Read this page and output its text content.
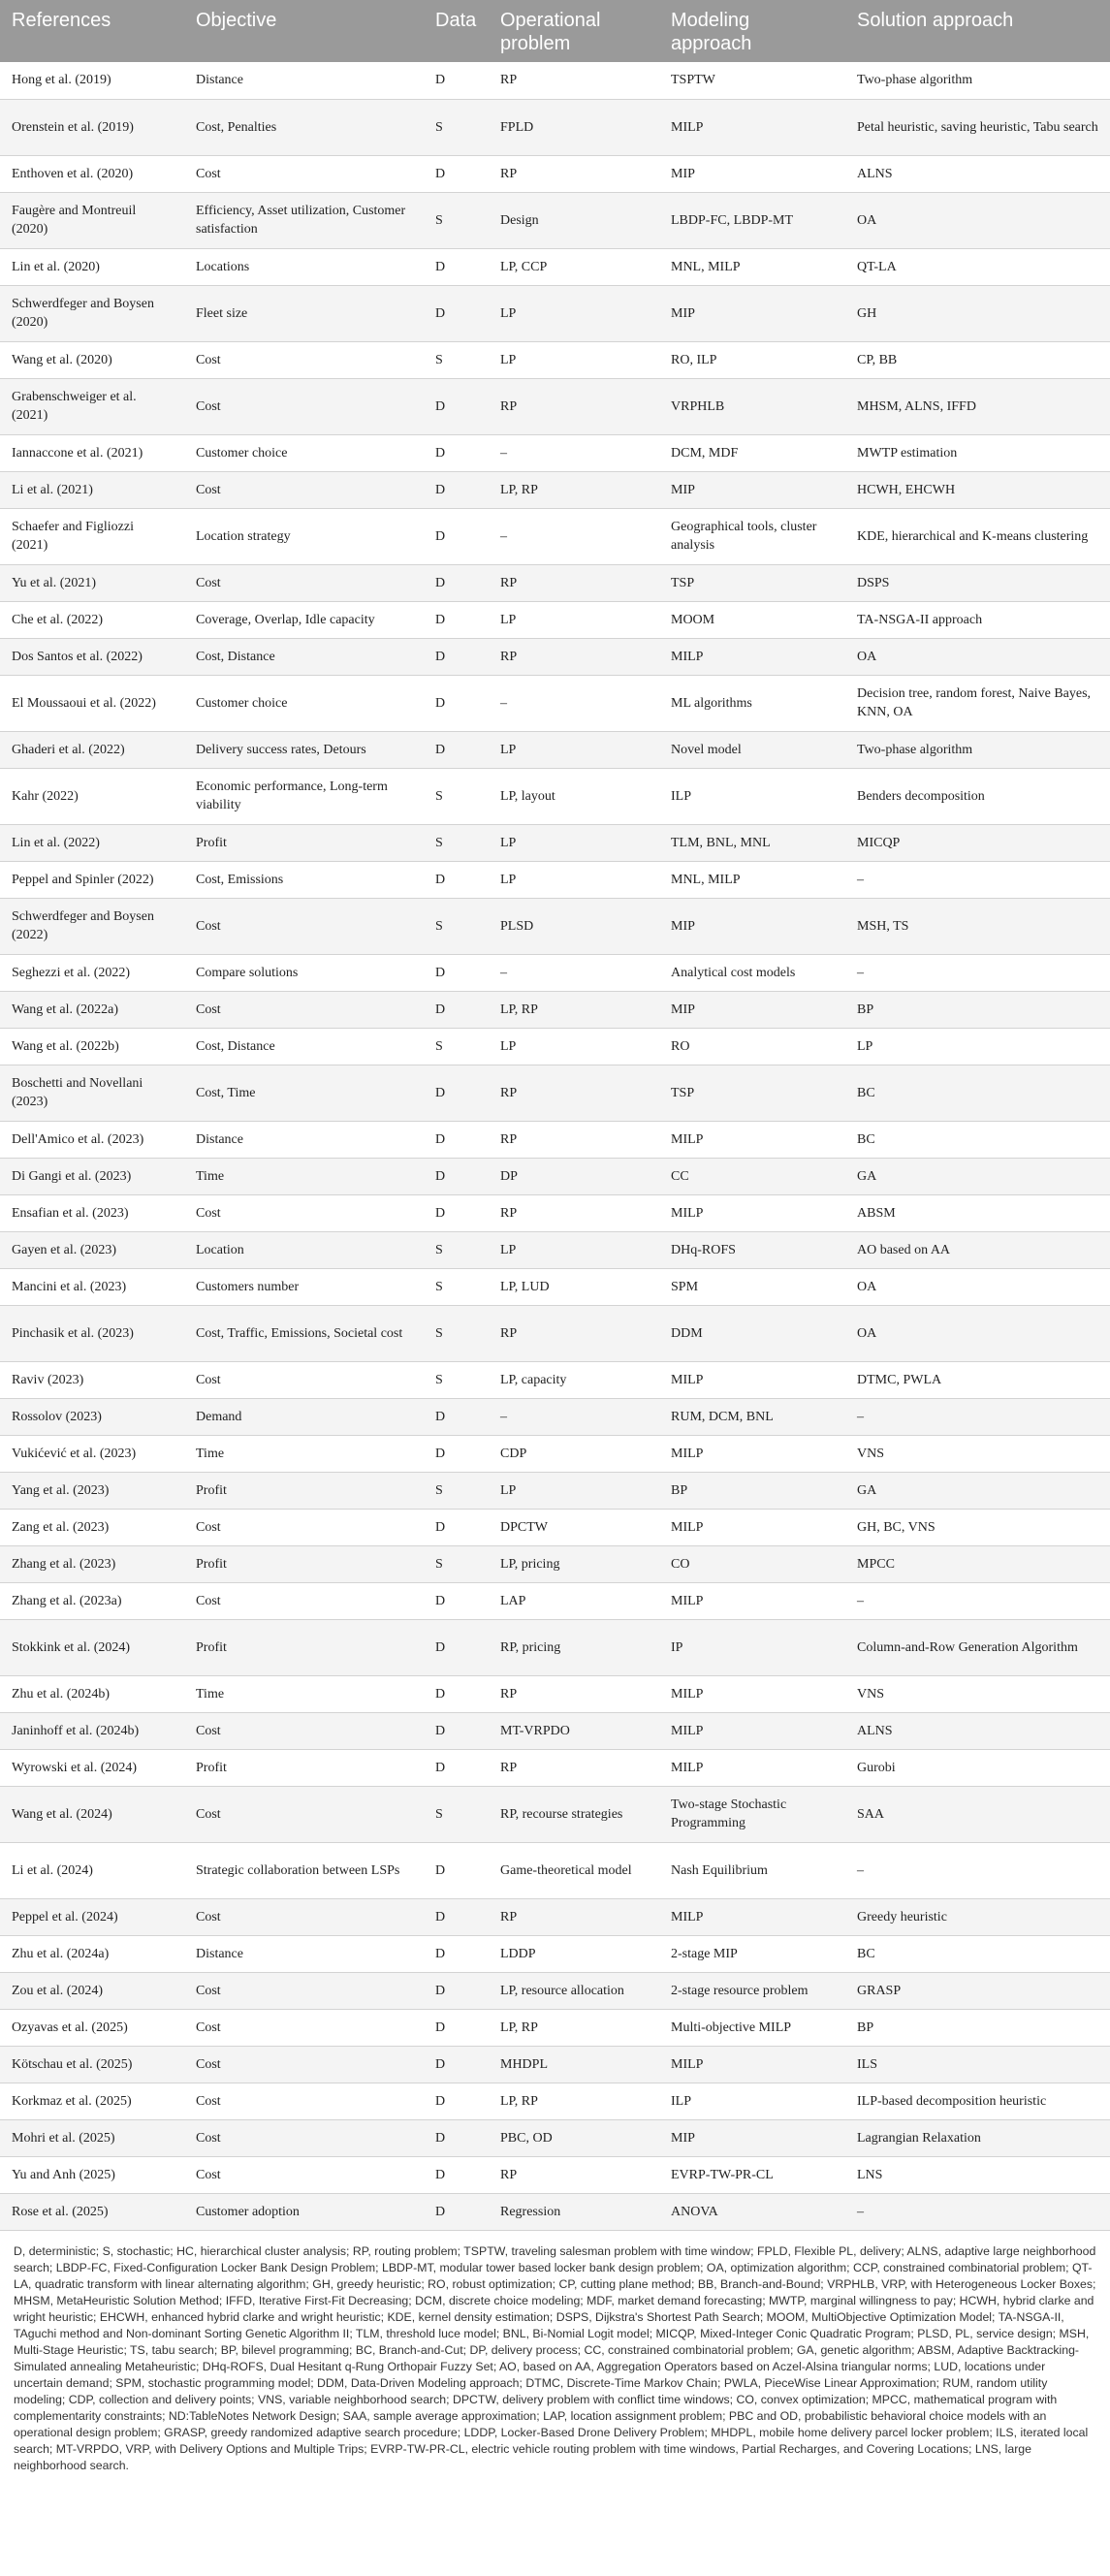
References	Objective	Data	Operational problem	Modeling approach	Solution approach
Hong et al. (2019)	Distance	D	RP	TSPTW	Two-phase algorithm
Orenstein et al. (2019)	Cost, Penalties	S	FPLD	MILP	Petal heuristic, saving heuristic, Tabu search
Enthoven et al. (2020)	Cost	D	RP	MIP	ALNS
Faugère and Montreuil (2020)	Efficiency, Asset utilization, Customer satisfaction	S	Design	LBDP-FC, LBDP-MT	OA
Lin et al. (2020)	Locations	D	LP, CCP	MNL, MILP	QT-LA
Schwerdfeger and Boysen (2020)	Fleet size	D	LP	MIP	GH
Wang et al. (2020)	Cost	S	LP	RO, ILP	CP, BB
Grabenschweiger et al. (2021)	Cost	D	RP	VRPHLB	MHSM, ALNS, IFFD
Iannaccone et al. (2021)	Customer choice	D	–	DCM, MDF	MWTP estimation
Li et al. (2021)	Cost	D	LP, RP	MIP	HCWH, EHCWH
Schaefer and Figliozzi (2021)	Location strategy	D	–	Geographical tools, cluster analysis	KDE, hierarchical and K-means clustering
Yu et al. (2021)	Cost	D	RP	TSP	DSPS
Che et al. (2022)	Coverage, Overlap, Idle capacity	D	LP	MOOM	TA-NSGA-II approach
Dos Santos et al. (2022)	Cost, Distance	D	RP	MILP	OA
El Moussaoui et al. (2022)	Customer choice	D	–	ML algorithms	Decision tree, random forest, Naive Bayes, KNN, OA
Ghaderi et al. (2022)	Delivery success rates, Detours	D	LP	Novel model	Two-phase algorithm
Kahr (2022)	Economic performance, Long-term viability	S	LP, layout	ILP	Benders decomposition
Lin et al. (2022)	Profit	S	LP	TLM, BNL, MNL	MICQP
Peppel and Spinler (2022)	Cost, Emissions	D	LP	MNL, MILP	–
Schwerdfeger and Boysen (2022)	Cost	S	PLSD	MIP	MSH, TS
Seghezzi et al. (2022)	Compare solutions	D	–	Analytical cost models	–
Wang et al. (2022a)	Cost	D	LP, RP	MIP	BP
Wang et al. (2022b)	Cost, Distance	S	LP	RO	LP
Boschetti and Novellani (2023)	Cost, Time	D	RP	TSP	BC
Dell'Amico et al. (2023)	Distance	D	RP	MILP	BC
Di Gangi et al. (2023)	Time	D	DP	CC	GA
Ensafian et al. (2023)	Cost	D	RP	MILP	ABSM
Gayen et al. (2023)	Location	S	LP	DHq-ROFS	AO based on AA
Mancini et al. (2023)	Customers number	S	LP, LUD	SPM	OA
Pinchasik et al. (2023)	Cost, Traffic, Emissions, Societal cost	S	RP	DDM	OA
Raviv (2023)	Cost	S	LP, capacity	MILP	DTMC, PWLA
Rossolov (2023)	Demand	D	–	RUM, DCM, BNL	–
Vukićević et al. (2023)	Time	D	CDP	MILP	VNS
Yang et al. (2023)	Profit	S	LP	BP	GA
Zang et al. (2023)	Cost	D	DPCTW	MILP	GH, BC, VNS
Zhang et al. (2023)	Profit	S	LP, pricing	CO	MPCC
Zhang et al. (2023a)	Cost	D	LAP	MILP	–
Stokkink et al. (2024)	Profit	D	RP, pricing	IP	Column-and-Row Generation Algorithm
Zhu et al. (2024b)	Time	D	RP	MILP	VNS
Janinhoff et al. (2024b)	Cost	D	MT-VRPDO	MILP	ALNS
Wyrowski et al. (2024)	Profit	D	RP	MILP	Gurobi
Wang et al. (2024)	Cost	S	RP, recourse strategies	Two-stage Stochastic Programming	SAA
Li et al. (2024)	Strategic collaboration between LSPs	D	Game-theoretical model	Nash Equilibrium	–
Peppel et al. (2024)	Cost	D	RP	MILP	Greedy heuristic
Zhu et al. (2024a)	Distance	D	LDDP	2-stage MIP	BC
Zou et al. (2024)	Cost	D	LP, resource allocation	2-stage resource problem	GRASP
Ozyavas et al. (2025)	Cost	D	LP, RP	Multi-objective MILP	BP
Kötschau et al. (2025)	Cost	D	MHDPL	MILP	ILS
Korkmaz et al. (2025)	Cost	D	LP, RP	ILP	ILP-based decomposition heuristic
Mohri et al. (2025)	Cost	D	PBC, OD	MIP	Lagrangian Relaxation
Yu and Anh (2025)	Cost	D	RP	EVRP-TW-PR-CL	LNS
Rose et al. (2025)	Customer adoption	D	Regression	ANOVA	–
D, deterministic; S, stochastic; HC, hierarchical cluster analysis; RP, routing problem; TSPTW, traveling salesman problem with time window; FPLD, Flexible PL, delivery; ALNS, adaptive large neighborhood search; LBDP-FC, Fixed-Configuration Locker Bank Design Problem; LBDP-MT, modular tower based locker bank design problem; OA, optimization algorithm; CCP, constrained combinatorial problem; QT-LA, quadratic transform with linear alternating algorithm; GH, greedy heuristic; RO, robust optimization; CP, cutting plane method; BB, Branch-and-Bound; VRPHLB, VRP, with Heterogeneous Locker Boxes; MHSM, MetaHeuristic Solution Method; IFFD, Iterative First-Fit Decreasing; DCM, discrete choice modeling; MDF, market demand forecasting; MWTP, marginal willingness to pay; HCWH, hybrid clarke and wright heuristic; EHCWH, enhanced hybrid clarke and wright heuristic; KDE, kernel density estimation; DSPS, Dijkstra's Shortest Path Search; MOOM, MultiObjective Optimization Model; TA-NSGA-II, TAguchi method and Non-dominant Sorting Genetic Algorithm II; TLM, threshold luce model; BNL, Bi-Nomial Logit model; MICQP, Mixed-Integer Conic Quadratic Program; PLSD, PL, service design; MSH, Multi-Stage Heuristic; TS, tabu search; BP, bilevel programming; BC, Branch-and-Cut; DP, delivery process; CC, constrained combinatorial problem; GA, genetic algorithm; ABSM, Adaptive Backtracking-Simulated annealing Metaheuristic; DHq-ROFS, Dual Hesitant q-Rung Orthopair Fuzzy Set; AO, based on AA, Aggregation Operators based on Aczel-Alsina triangular norms; LUD, locations under uncertain demand; SPM, stochastic programming model; DDM, Data-Driven Modeling approach; DTMC, Discrete-Time Markov Chain; PWLA, PieceWise Linear Approximation; RUM, random utility modeling; CDP, collection and delivery points; VNS, variable neighborhood search; DPCTW, delivery problem with conflict time windows; CO, convex optimization; MPCC, mathematical program with complementarity constraints; ND:TableNotes Network Design; SAA, sample average approximation; LAP, location assignment problem; PBC and OD, probabilistic behavioral choice models with an operational design problem; GRASP, greedy randomized adaptive search procedure; LDDP, Locker-Based Drone Delivery Problem; MHDPL, mobile home delivery parcel locker problem; ILS, iterated local search; MT-VRPDO, VRP, with Delivery Options and Multiple Trips; EVRP-TW-PR-CL, electric vehicle routing problem with time windows, Partial Recharges, and Covering Locations; LNS, large neighborhood search.
